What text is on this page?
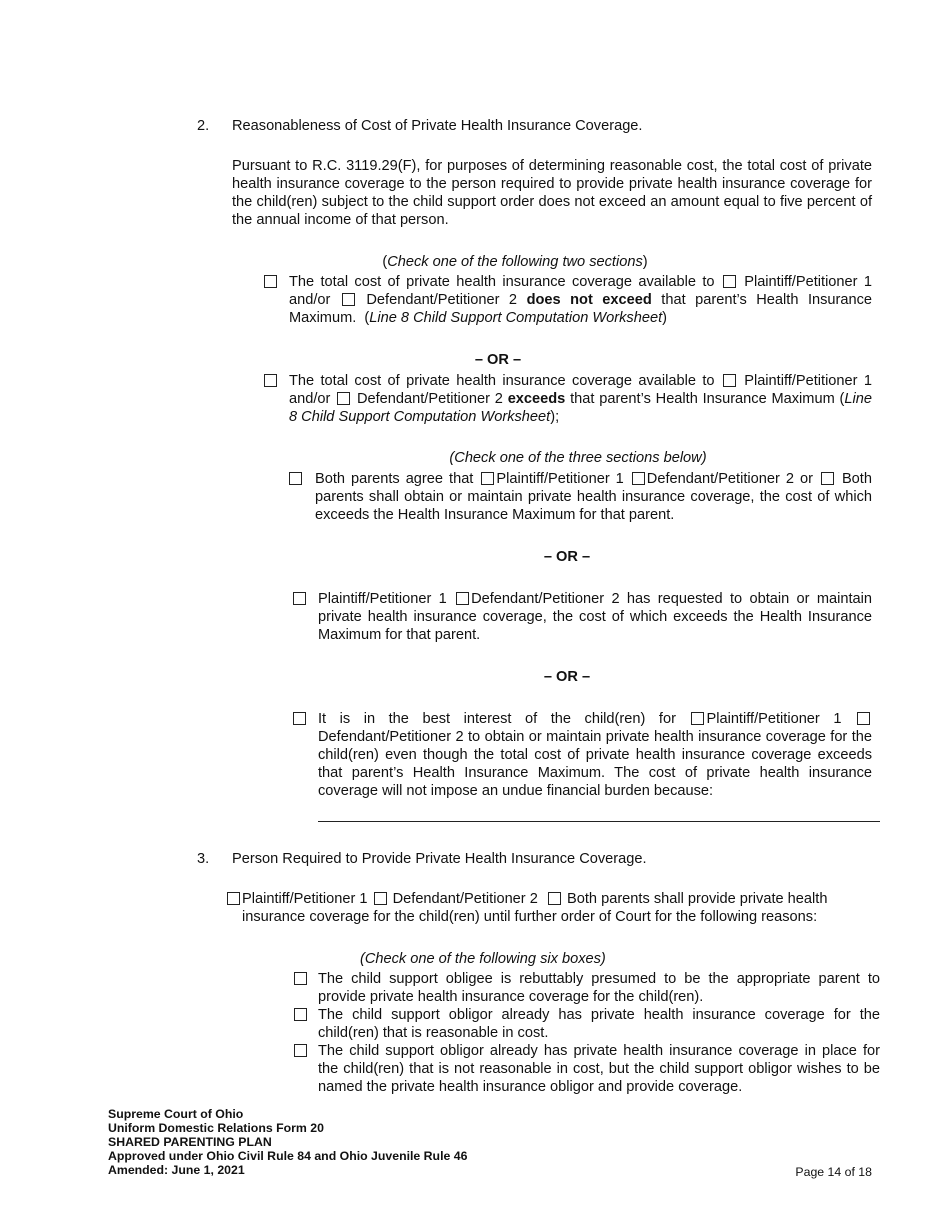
2. Reasonableness of Cost of Private Health Insurance Coverage.
Pursuant to R.C. 3119.29(F), for purposes of determining reasonable cost, the total cost of private health insurance coverage to the person required to provide private health insurance coverage for the child(ren) subject to the child support order does not exceed an amount equal to five percent of the annual income of that person.
(Check one of the following two sections)
The total cost of private health insurance coverage available to Plaintiff/Petitioner 1 and/or Defendant/Petitioner 2 does not exceed that parent’s Health Insurance Maximum.  (Line 8 Child Support Computation Worksheet)
– OR –
The total cost of private health insurance coverage available to Plaintiff/Petitioner 1 and/or Defendant/Petitioner 2 exceeds that parent’s Health Insurance Maximum (Line 8 Child Support Computation Worksheet);
(Check one of the three sections below)
Both parents agree that Plaintiff/Petitioner 1 Defendant/Petitioner 2 or Both parents shall obtain or maintain private health insurance coverage, the cost of which exceeds the Health Insurance Maximum for that parent.
– OR –
Plaintiff/Petitioner 1 Defendant/Petitioner 2 has requested to obtain or maintain private health insurance coverage, the cost of which exceeds the Health Insurance Maximum for that parent.
– OR –
It is in the best interest of the child(ren) for Plaintiff/Petitioner 1 Defendant/Petitioner 2 to obtain or maintain private health insurance coverage for the child(ren) even though the total cost of private health insurance coverage exceeds that parent’s Health Insurance Maximum. The cost of private health insurance coverage will not impose an undue financial burden because:
3. Person Required to Provide Private Health Insurance Coverage.
Plaintiff/Petitioner 1 Defendant/Petitioner 2 Both parents shall provide private health insurance coverage for the child(ren) until further order of Court for the following reasons:
(Check one of the following six boxes)
The child support obligee is rebuttably presumed to be the appropriate parent to provide private health insurance coverage for the child(ren).
The child support obligor already has private health insurance coverage for the child(ren) that is reasonable in cost.
The child support obligor already has private health insurance coverage in place for the child(ren) that is not reasonable in cost, but the child support obligor wishes to be named the private health insurance obligor and provide coverage.
Supreme Court of Ohio
Uniform Domestic Relations Form 20
SHARED PARENTING PLAN
Approved under Ohio Civil Rule 84 and Ohio Juvenile Rule 46
Amended: June 1, 2021	Page 14 of 18
